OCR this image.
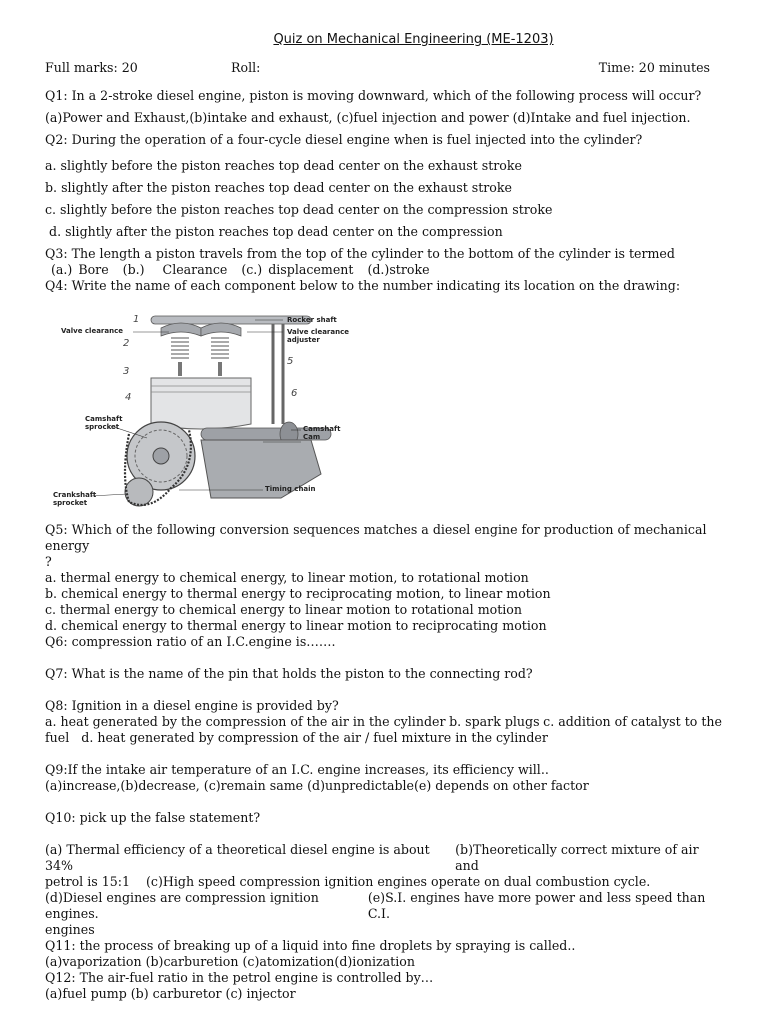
Quiz on Mechanical Engineering (ME-1203)
Full marks: 20	Roll:	Time: 20 minutes

Q1: In a 2-stroke diesel engine, piston is moving downward, which of the following process will occur?

(a)Power and Exhaust,(b)intake and exhaust, (c)fuel injection and power (d)Intake and fuel injection.

Q2: During the operation of a four-cycle diesel engine when is fuel injected into the cylinder?

a. slightly before the piston reaches top dead center on the exhaust stroke

b. slightly after the piston reaches top dead center on the exhaust stroke

c. slightly before the piston reaches top dead center on the compression stroke

d. slightly after the piston reaches top dead center on the compression

Q3: The length a piston travels from the top of the cylinder to the bottom of the cylinder is termed

(a.) Bore (b.)   Clearance (c.) displacement (d.)stroke

Q4: Write the name of each component below to the number indicating its location on the drawing:

Valve clearance
Rocker shaft
Valve clearance
adjuster
Camshaft
sprocket	Camshaft
Cam
Timing chain
Crankshaft
sprocket
1
2
3
4
5
6

Q5: Which of the following conversion sequences matches a diesel engine for production of mechanical energy

?

a. thermal energy to chemical energy, to linear motion, to rotational motion

b. chemical energy to thermal energy to reciprocating motion, to linear motion

c. thermal energy to chemical energy to linear motion to rotational motion

d. chemical energy to thermal energy to linear motion to reciprocating motion

Q6: compression ratio of an I.C.engine is…….

Q7: What is the name of the pin that holds the piston to the connecting rod?

Q8: Ignition in a diesel engine is provided by?

a. heat generated by the compression of the air in the cylinder b. spark plugs c. addition of catalyst to the

fuel   d. heat generated by compression of the air / fuel mixture in the cylinder

Q9:If the intake air temperature of an I.C. engine increases, its efficiency will..

(a)increase,(b)decrease, (c)remain same (d)unpredictable(e) depends on other factor

Q10: pick up the false statement?

(a) Thermal efficiency of a theoretical diesel engine is about 34%
(b)Theoretically correct mixture of air and

petrol is 15:1 (c)High speed compression ignition engines operate on dual combustion cycle.

(d)Diesel engines are compression ignition engines.
(e)S.I. engines have more power and less speed than C.I.

engines

Q11: the process of breaking up of a liquid into fine droplets by spraying is called..

(a)vaporization (b)carburetion (c)atomization(d)ionization

Q12: The air-fuel ratio in the petrol engine is controlled by…

(a)fuel pump (b) carburetor (c) injector
